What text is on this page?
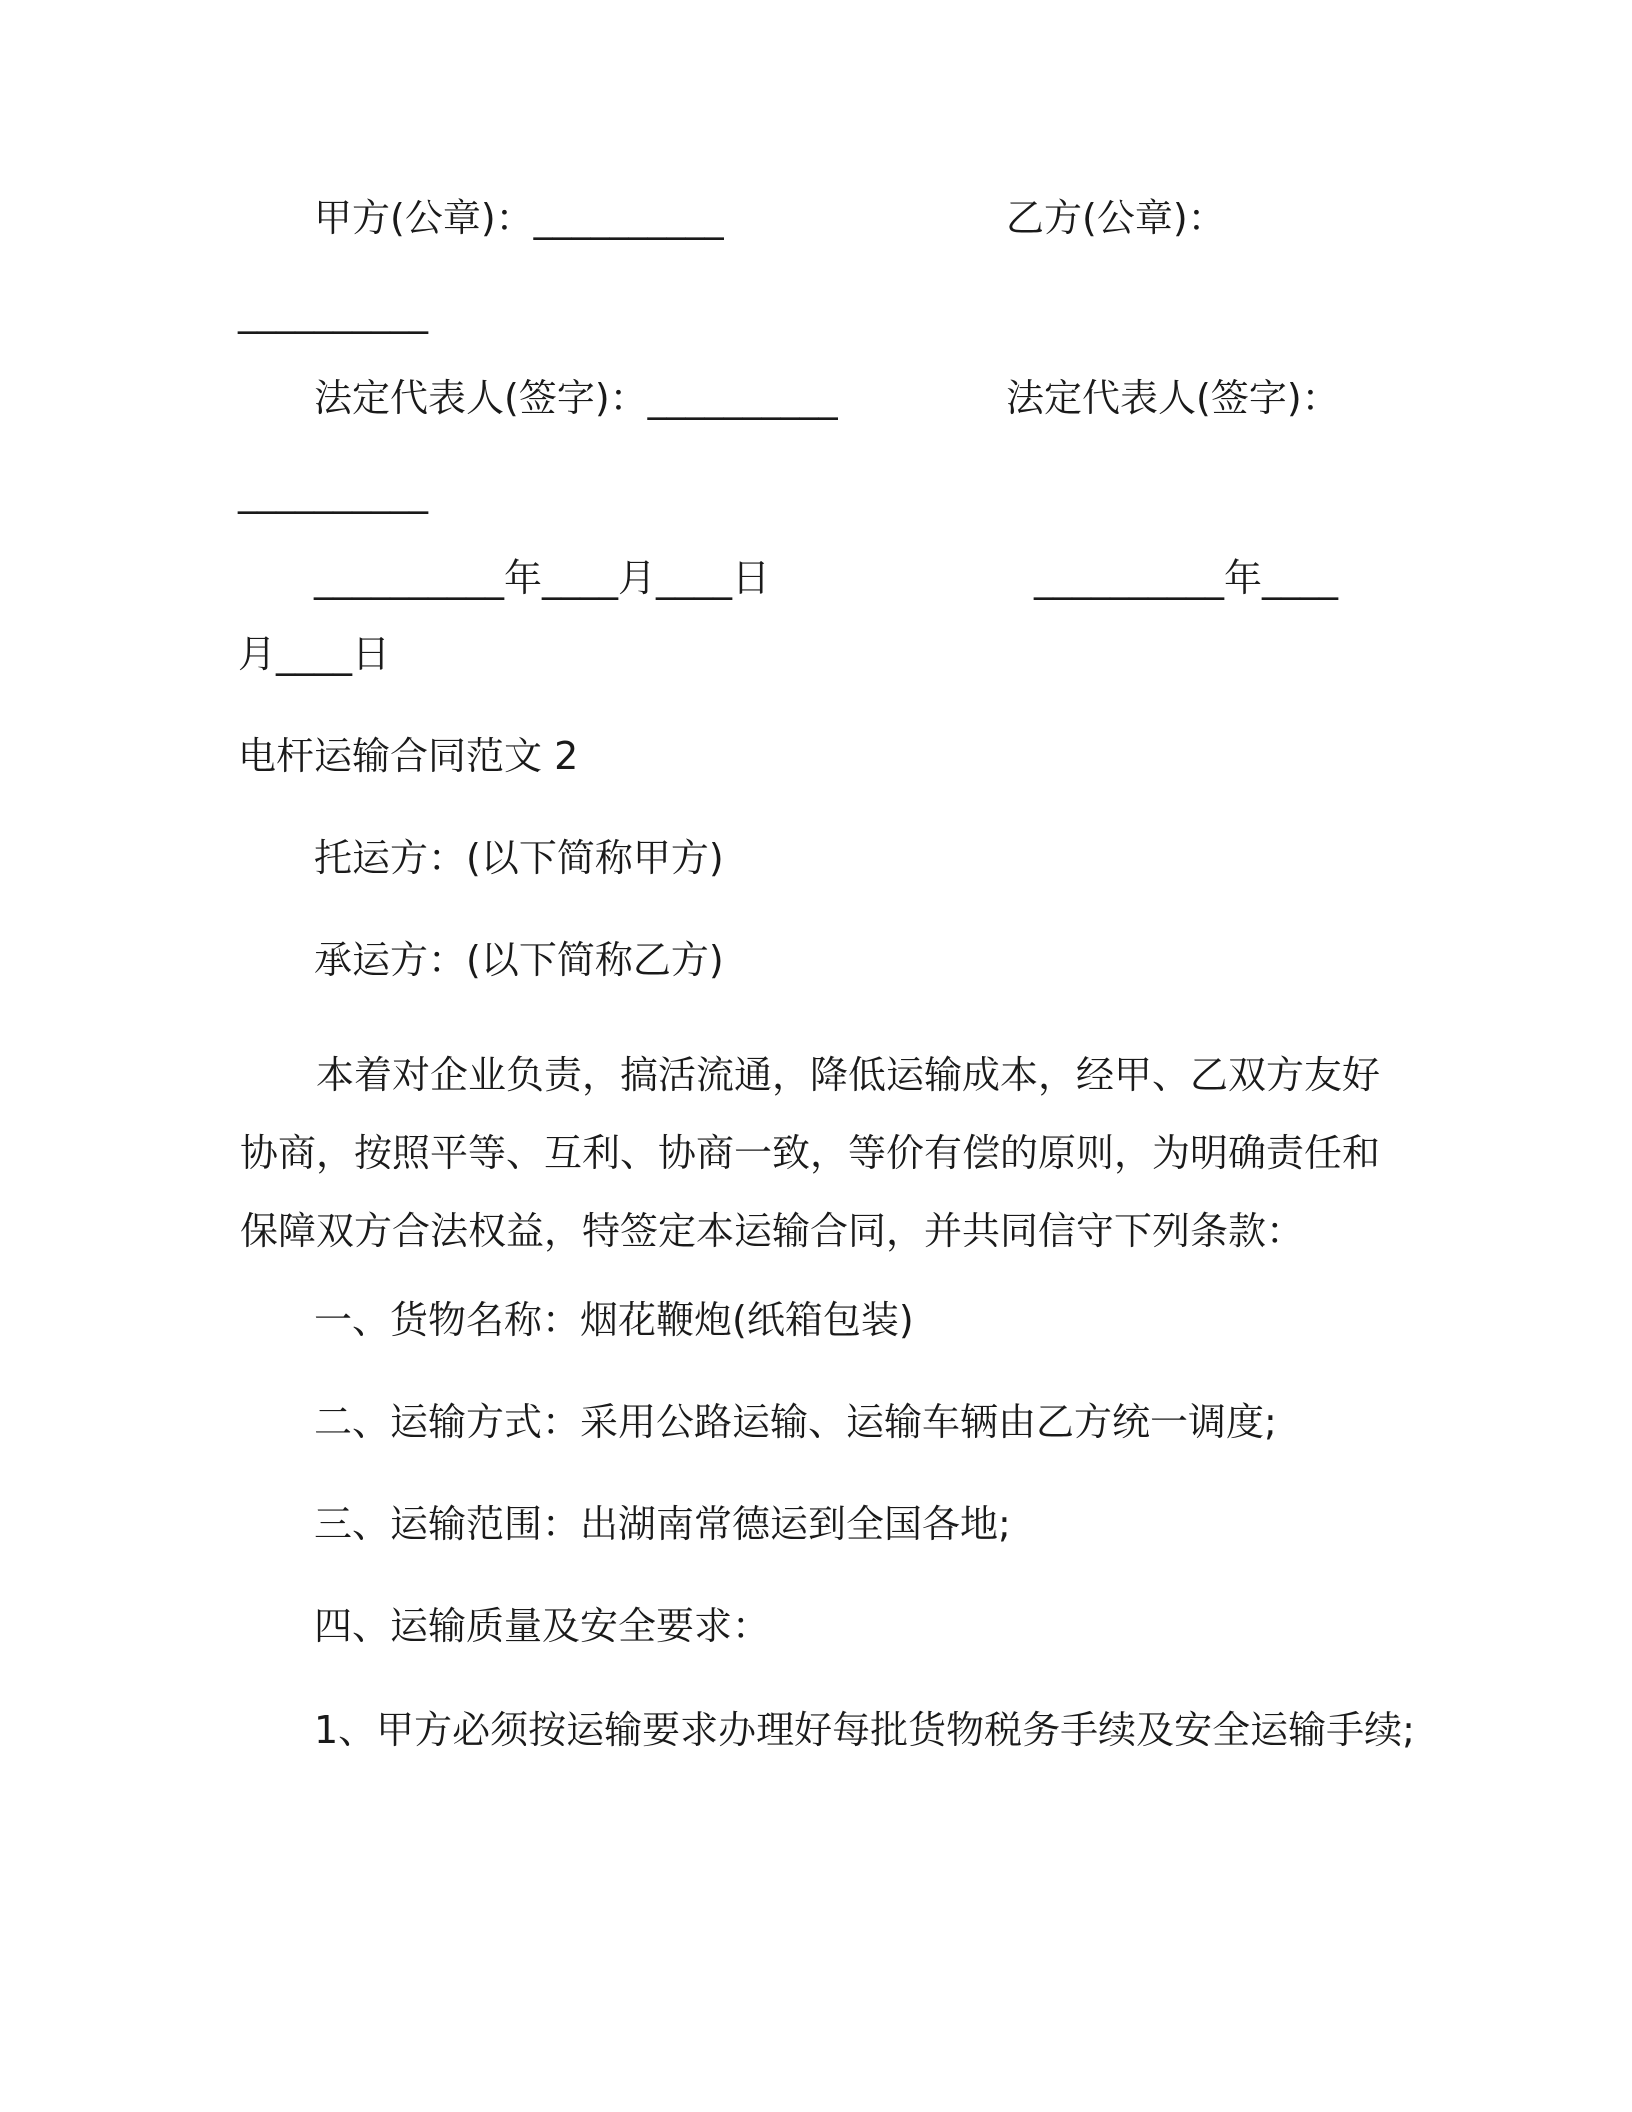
甲方(公章)：__________	乙方(公章)：
__________
法定代表人(签字)：__________	法定代表人(签字)：
__________
__________年____月____日	__________年____
月____日
电杆运输合同范文 2
托运方：(以下简称甲方)
承运方：(以下简称乙方)
本着对企业负责，搞活流通，降低运输成本，经甲、乙双方友好协商，按照平等、互利、协商一致，等价有偿的原则，为明确责任和保障双方合法权益，特签定本运输合同，并共同信守下列条款：
一、货物名称：烟花鞭炮(纸箱包装)
二、运输方式：采用公路运输、运输车辆由乙方统一调度;
三、运输范围：出湖南常德运到全国各地;
四、运输质量及安全要求：
1、甲方必须按运输要求办理好每批货物税务手续及安全运输手续;
